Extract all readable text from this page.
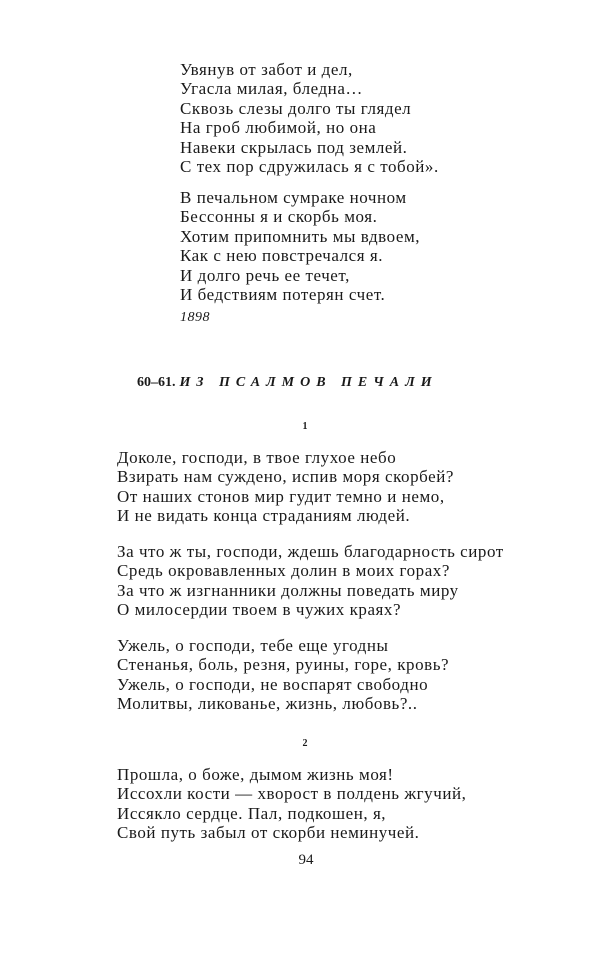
Увянув от забот и дел,
Угасла милая, бледна…
Сквозь слезы долго ты глядел
На гроб любимой, но она
Навеки скрылась под землей.
С тех пор сдружилась я с тобой».
В печальном сумраке ночном
Бессонны я и скорбь моя.
Хотим припомнить мы вдвоем,
Как с нею повстречался я.
И долго речь ее течет,
И бедствиям потерян счет.
1898
60–61. ИЗ ПСАЛМОВ ПЕЧАЛИ
1
Доколе, господи, в твое глухое небо
Взирать нам суждено, испив моря скорбей?
От наших стонов мир гудит темно и немо,
И не видать конца страданиям людей.
За что ж ты, господи, ждешь благодарность сирот
Средь окровавленных долин в моих горах?
За что ж изгнанники должны поведать миру
О милосердии твоем в чужих краях?
Ужель, о господи, тебе еще угодны
Стенанья, боль, резня, руины, горе, кровь?
Ужель, о господи, не воспарят свободно
Молитвы, ликованье, жизнь, любовь?..
2
Прошла, о боже, дымом жизнь моя!
Иссохли кости — хворост в полдень жгучий,
Иссякло сердце. Пал, подкошен, я,
Свой путь забыл от скорби неминучей.
94
